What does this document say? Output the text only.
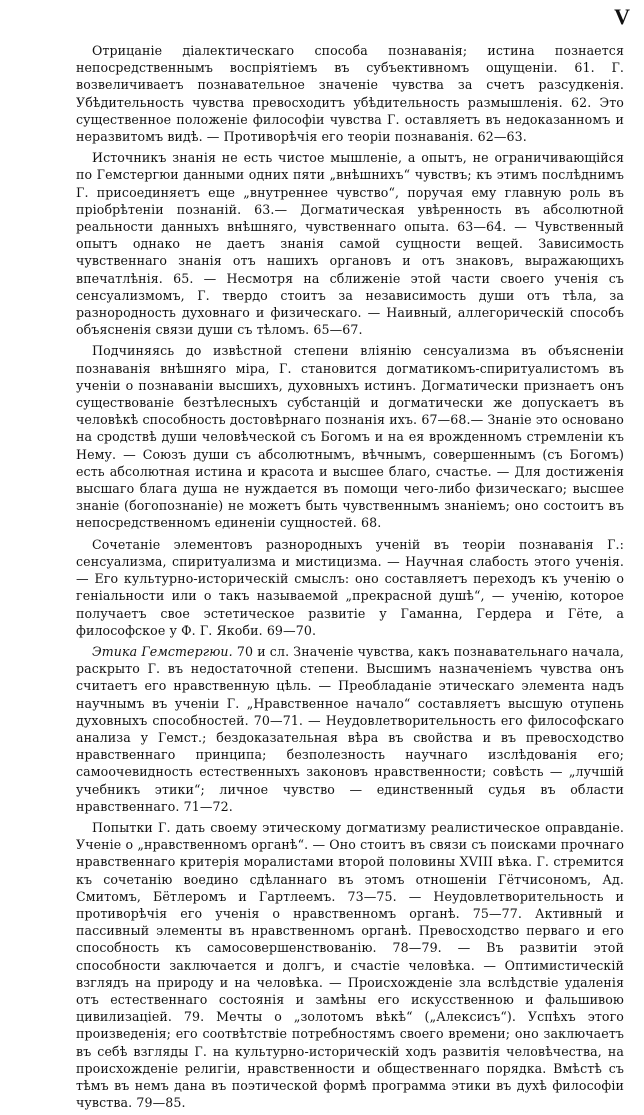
V

Отрицаніе діалектическаго способа познаванія; истина познается непосредственнымъ воспріятіемъ въ субъективномъ ощущеніи. 61. Г. возвеличиваетъ познавательное значеніе чувства за счетъ разсудкенія. Убѣдительность чувства превосходитъ убѣдительность размышленія. 62. Это существенное положеніе философіи чувства Г. оставляетъ въ недоказанномъ и неразвитомъ видѣ. — Противорѣчія его теоріи познаванія. 62—63.

Источникъ знанія не есть чистое мышленіе, а опытъ, не ограничивающійся по Гемстергюи данными одних пяти „внѣшнихъ“ чувствъ; къ этимъ послѣднимъ Г. присоединяетъ еще „внутреннее чувство“, поручая ему главную роль въ пріобрѣтеніи познаній. 63.— Догматическая увѣренность въ абсолютной реальности данныхъ внѣшняго, чувственнаго опыта. 63—64. — Чувственный опытъ однако не даетъ знанія самой сущности вещей. Зависимость чувственнаго знанія отъ нашихъ органовъ и отъ знаковъ, выражающихъ впечатлѣнія. 65. — Несмотря на сближеніе этой части своего ученія съ сенсуализмомъ, Г. твердо стоитъ за независимость души отъ тѣла, за разнородность духовнаго и физическаго. — Наивный, аллегорическій способъ объясненія связи души съ тѣломъ. 65—67.

Подчиняясь до извѣстной степени вліянію сенсуализма въ объясненіи познаванія внѣшняго міра, Г. становится догматикомъ-спиритуалистомъ въ ученіи о познаваніи высшихъ, духовныхъ истинъ. Догматически признаетъ онъ существованіе безтѣлесныхъ субстанцій и догматически же допускаетъ въ человѣкѣ способность достовѣрнаго познанія ихъ. 67—68.— Знаніе это основано на сродствѣ души человѣческой съ Богомъ и на ея врожденномъ стремленіи къ Нему. — Союзъ души съ абсолютнымъ, вѣчнымъ, совершеннымъ (съ Богомъ) есть абсолютная истина и красота и высшее благо, счастье. — Для достиженія высшаго блага душа не нуждается въ помощи чего-либо физическаго; высшее знаніе (богопознаніе) не можетъ быть чувственнымъ знаніемъ; оно состоитъ въ непосредственномъ единеніи сущностей. 68.

Сочетаніе элементовъ разнородныхъ ученій въ теоріи познаванія Г.: сенсуализма, спиритуализма и мистицизма. — Научная слабость этого ученія. — Его культурно-историческій смыслъ: оно составляетъ переходъ къ ученію о геніальности или о такъ называемой „прекрасной душѣ“, — ученію, которое получаетъ свое эстетическое развитіе у Гаманна, Гердера и Гёте, а философское у Ф. Г. Якоби. 69—70.

Этика Гемстергюи. 70 и сл. Значеніе чувства, какъ познавательнаго начала, раскрыто Г. въ недостаточной степени. Высшимъ назначеніемъ чувства онъ считаетъ его нравственную цѣль. — Преобладаніе этическаго элемента надъ научнымъ въ ученіи Г. „Нравственное начало“ составляетъ высшую отупень духовныхъ способностей. 70—71. — Неудовлетворительность его философскаго анализа у Гемст.; бездоказательная вѣра въ свойства и въ превосходство нравственнаго принципа; безполезность научнаго изслѣдованія его; самоочевидность естественныхъ законовъ нравственности; совѣсть — „лучшій учебникъ этики“; личное чувство — единственный судья въ области нравственнаго. 71—72.

Попытки Г. дать своему этическому догматизму реалистическое оправданіе. Ученіе о „нравственномъ органѣ“. — Оно стоитъ въ связи съ поисками прочнаго нравственнаго критерія моралистами второй половины XVIII вѣка. Г. стремится къ сочетанію воедино сдѣланнаго въ этомъ отношеніи Гётчисономъ, Ад. Смитомъ, Бётлеромъ и Гартлеемъ. 73—75. — Неудовлетворительность и противорѣчія его ученія о нравственномъ органѣ. 75—77. Активный и пассивный элементы въ нравственномъ органѣ. Превосходство перваго и его способность къ самосовершенствованію. 78—79. — Въ развитіи этой способности заключается и долгъ, и счастіе человѣка. — Оптимистическій взглядъ на природу и на человѣка. — Происхожденіе зла вслѣдствіе удаленія отъ естественнаго состоянія и замѣны его искусственною и фальшивою цивилизаціей. 79. Мечты о „золотомъ вѣкѣ“ („Алексисъ“). Успѣхъ этого произведенія; его соотвѣтствіе потребностямъ своего времени; оно заключаетъ въ себѣ взгляды Г. на культурно-историческій ходъ развитія человѣчества, на происхожденіе религіи, нравственности и общественнаго порядка. Вмѣстѣ съ тѣмъ въ немъ дана въ поэтической формѣ программа этики въ духѣ философіи чувства. 79—85.
